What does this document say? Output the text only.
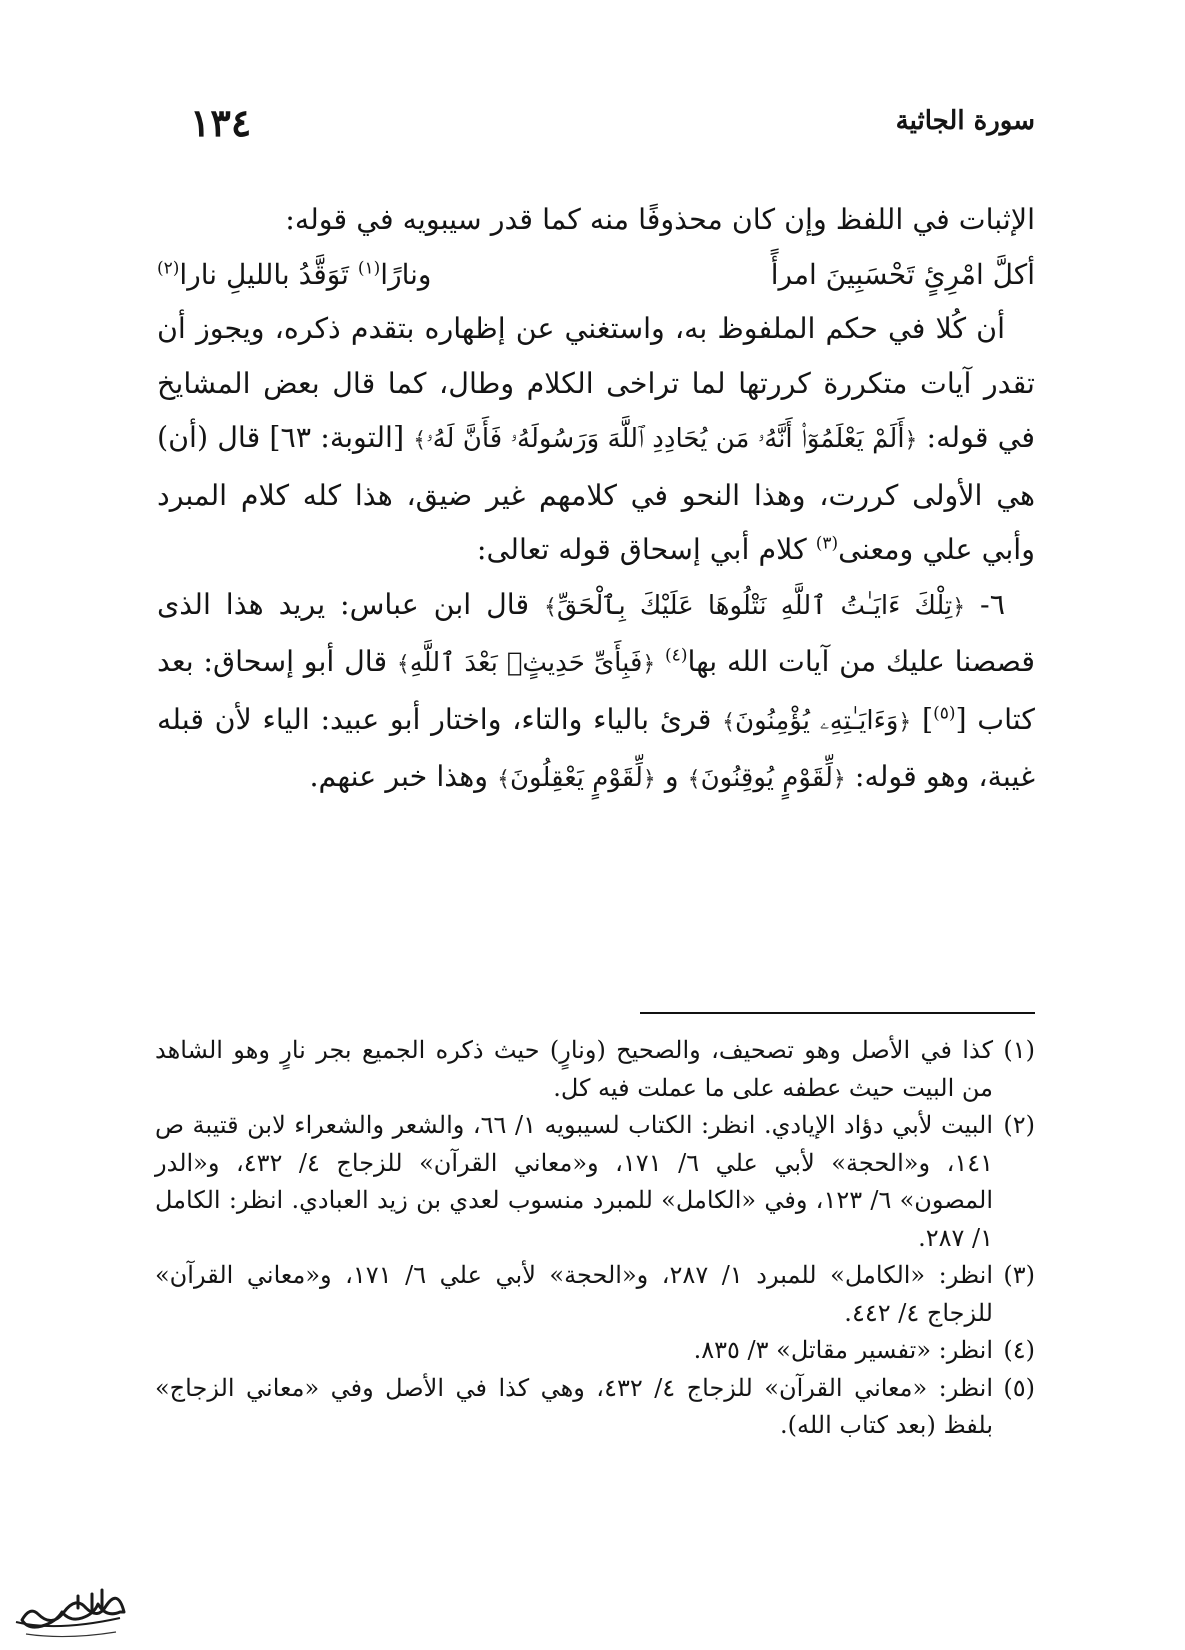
١٣٤	سورة الجاثية

الإثبات في اللفظ وإن كان محذوفًا منه كما قدر سيبويه في قوله:

أكلَّ امْرِئٍ تَحْسَبِينَ امرأً
ونارًا$^{(١)}$ تَوَقَّدُ بالليلِ نارا$^{(٢)}$

أن كُلا في حكم الملفوظ به، واستغني عن إظهاره بتقدم ذكره، ويجوز أن تقدر آيات متكررة كررتها لما تراخى الكلام وطال، كما قال بعض المشايخ في قوله: ﴿أَلَمْ يَعْلَمُوٓا۟ أَنَّهُۥ مَن يُحَادِدِ ٱللَّهَ وَرَسُولَهُۥ فَأَنَّ لَهُۥ﴾ [التوبة: ٦٣] قال (أن) هي الأولى كررت، وهذا النحو في كلامهم غير ضيق، هذا كله كلام المبرد وأبي علي ومعنى$^{(٣)}$ كلام أبي إسحاق قوله تعالى:

٦- ﴿تِلْكَ ءَايَـٰتُ ٱللَّهِ نَتْلُوهَا عَلَيْكَ بِٱلْحَقِّ﴾ قال ابن عباس: يريد هذا الذى قصصنا عليك من آيات الله بها$^{(٤)}$ ﴿فَبِأَىِّ حَدِيثٍۭ بَعْدَ ٱللَّهِ﴾ قال أبو إسحاق: بعد كتاب [$^{(٥)}$] ﴿وَءَايَـٰتِهِۦ يُؤْمِنُونَ﴾ قرئ بالياء والتاء، واختار أبو عبيد: الياء لأن قبله غيبة، وهو قوله: ﴿لِّقَوْمٍ يُوقِنُونَ﴾ و ﴿لِّقَوْمٍ يَعْقِلُونَ﴾ وهذا خبر عنهم.

(١)
كذا في الأصل وهو تصحيف، والصحيح (ونارٍ) حيث ذكره الجميع بجر نارٍ وهو الشاهد من البيت حيث عطفه على ما عملت فيه كل.
(٢)
البيت لأبي دؤاد الإيادي. انظر: الكتاب لسيبويه ١/ ٦٦، والشعر والشعراء لابن قتيبة ص ١٤١، و«الحجة» لأبي علي ٦/ ١٧١، و«معاني القرآن» للزجاج ٤/ ٤٣٢، و«الدر المصون» ٦/ ١٢٣، وفي «الكامل» للمبرد منسوب لعدي بن زيد العبادي. انظر: الكامل ١/ ٢٨٧.
(٣)
انظر: «الكامل» للمبرد ١/ ٢٨٧، و«الحجة» لأبي علي ٦/ ١٧١، و«معاني القرآن» للزجاج ٤/ ٤٤٢.
(٤)
انظر: «تفسير مقاتل» ٣/ ٨٣٥.
(٥)
انظر: «معاني القرآن» للزجاج ٤/ ٤٣٢، وهي كذا في الأصل وفي «معاني الزجاج» بلفظ (بعد كتاب الله).
